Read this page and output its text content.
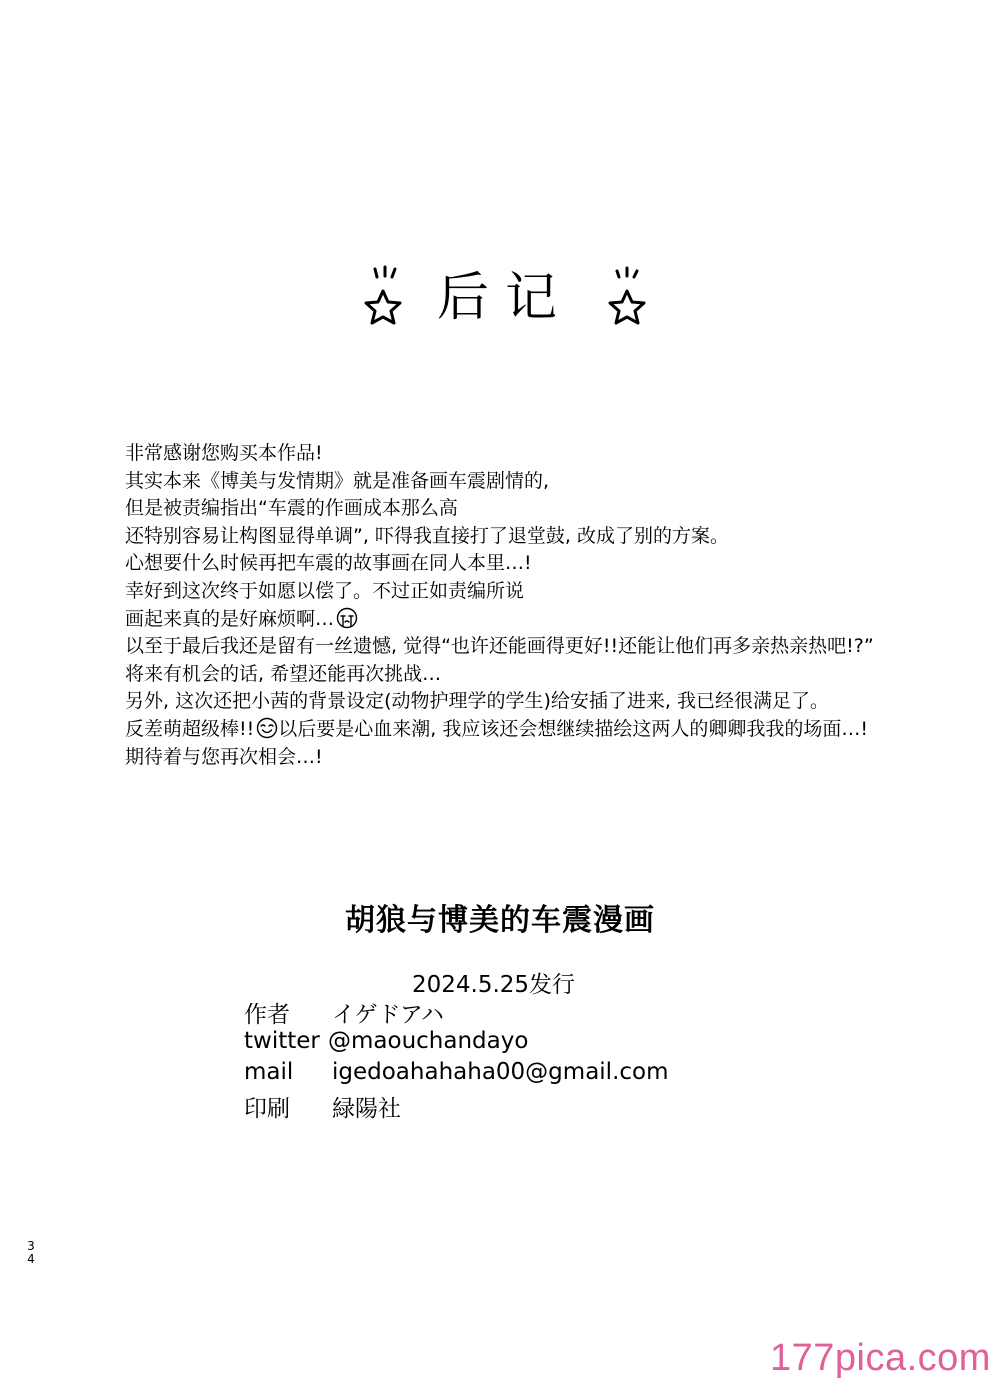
后记
非常感谢您购买本作品!
其实本来《博美与发情期》就是准备画车震剧情的,
但是被责编指出“车震的作画成本那么高
还特别容易让构图显得单调”, 吓得我直接打了退堂鼓, 改成了别的方案。
心想要什么时候再把车震的故事画在同人本里…!
幸好到这次终于如愿以偿了。不过正如责编所说
画起来真的是好麻烦啊…
以至于最后我还是留有一丝遗憾, 觉得“也许还能画得更好!!还能让他们再多亲热亲热吧!?”
将来有机会的话, 希望还能再次挑战…
另外, 这次还把小茜的背景设定(动物护理学的学生)给安插了进来, 我已经很满足了。
反差萌超级棒!! 以后要是心血来潮, 我应该还会想继续描绘这两人的卿卿我我的场面…!
期待着与您再次相会…!
胡狼与博美的车震漫画
2024.5.25发行
作者 イゲドアハ
twitter @maouchandayo
mail igedoahahaha00@gmail.com
印刷 緑陽社
34
177pica.com
